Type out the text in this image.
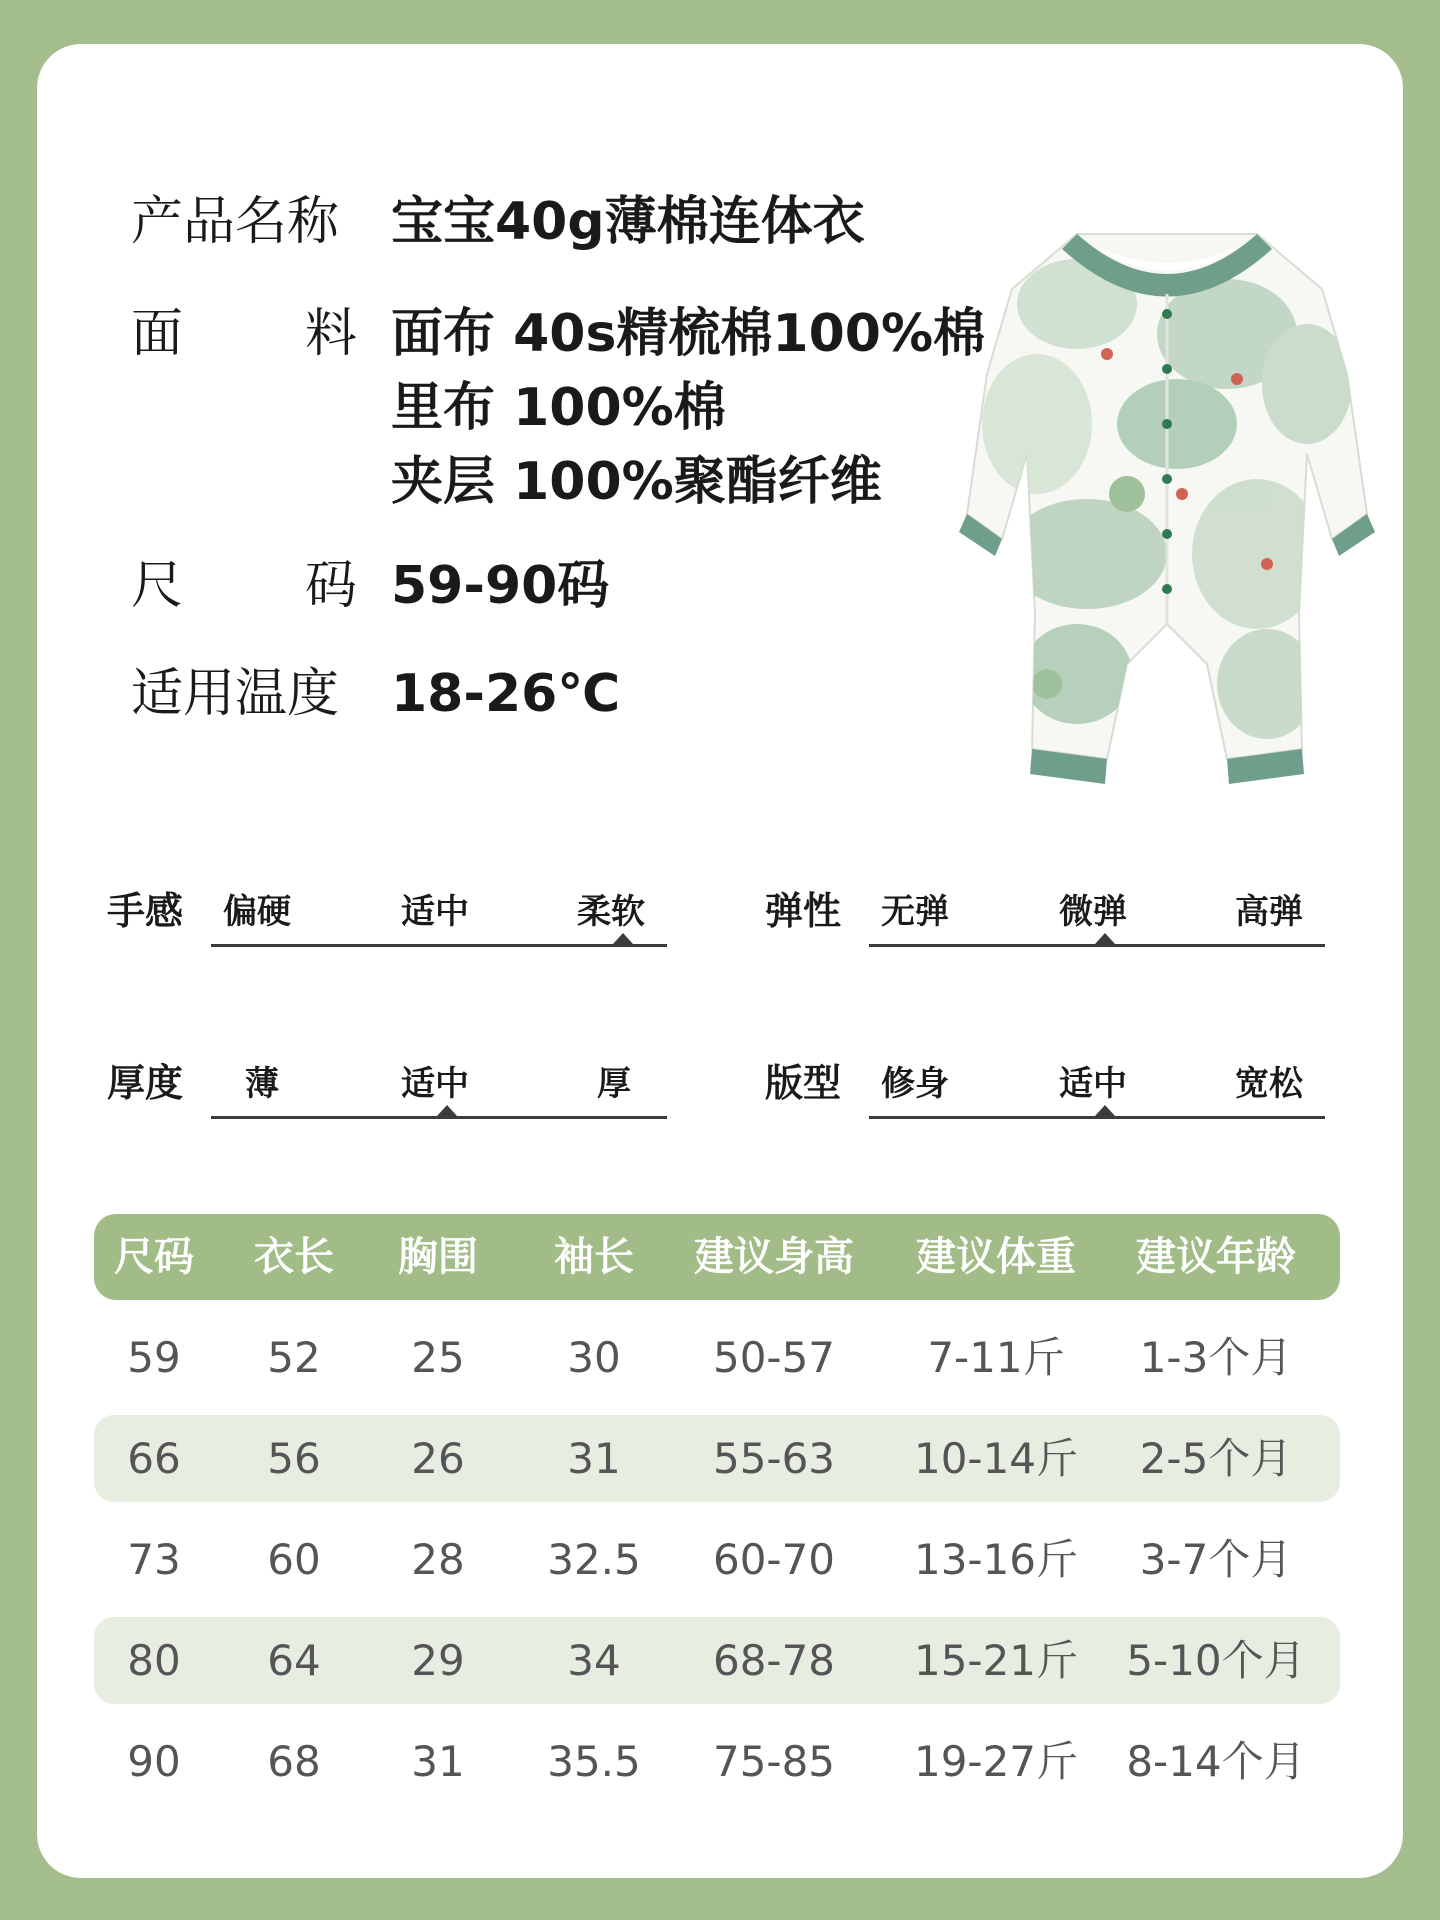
产品名称 宝宝40g薄棉连体衣
面 料 面布 40s精梳棉100%棉
里布 100%棉
夹层 100%聚酯纤维
尺 码 59-90码
适用温度 18-26℃
手感 偏硬	适中	柔软	弹性 无弹	微弹	高弹
厚度 薄	适中	厚	版型 修身	适中	宽松
尺码	衣长	胸围	袖长	建议身高	建议体重	建议年龄
59	52	25	30	50-57	7-11斤	1-3个月
66	56	26	31	55-63	10-14斤	2-5个月
73	60	28	32.5	60-70	13-16斤	3-7个月
80	64	29	34	68-78	15-21斤	5-10个月
90	68	31	35.5	75-85	19-27斤	8-14个月
